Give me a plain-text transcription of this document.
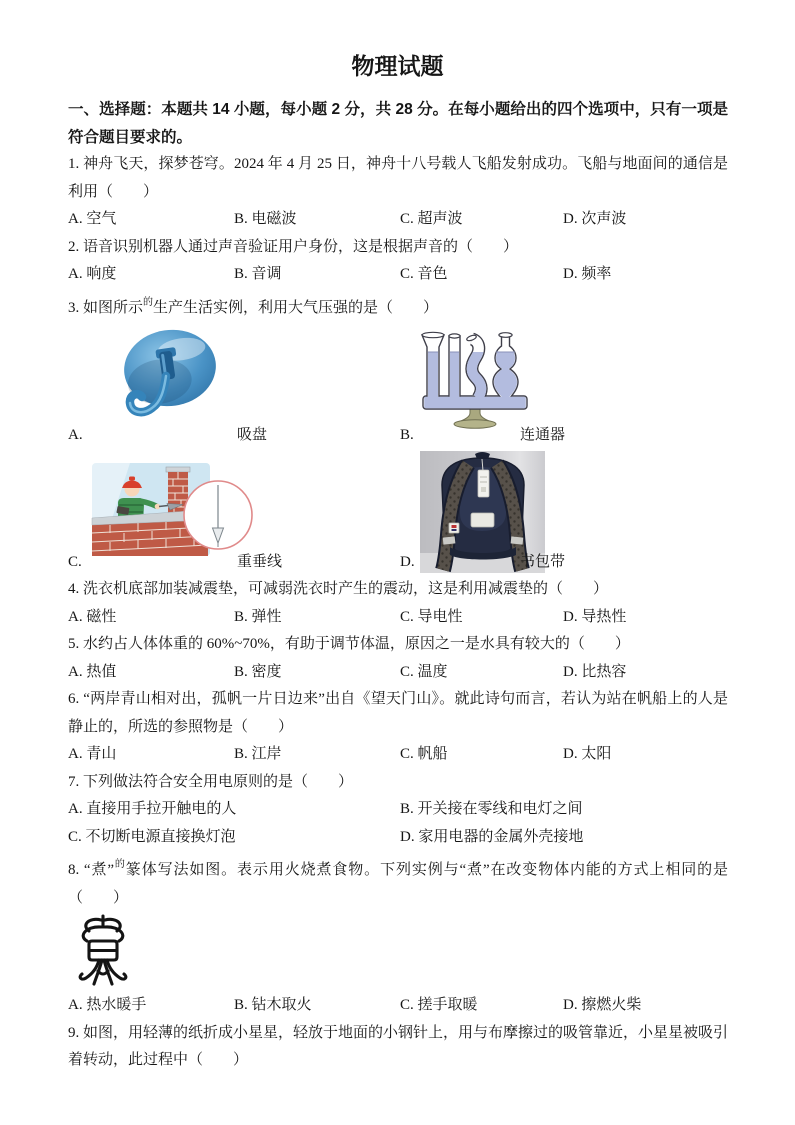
物理试题

一、选择题：本题共 14 小题，每小题 2 分，共 28 分。在每小题给出的四个选项中，只有一项是符合题目要求的。

1. 神舟飞天，探梦苍穹。2024 年 4 月 25 日，神舟十八号载人飞船发射成功。飞船与地面间的通信是利用（　　）

A. 空气	B. 电磁波	C. 超声波	D. 次声波

2. 语音识别机器人通过声音验证用户身份，这是根据声音的（　　）

A. 响度	B. 音调	C. 音色	D. 频率

3. 如图所示$^的$生产生活实例，利用大气压强的是（　　）

A.	吸盘	B.	连通器
C.	重垂线	D.	书包带

4. 洗衣机底部加装减震垫，可减弱洗衣时产生的震动，这是利用减震垫的（　　）

A. 磁性	B. 弹性	C. 导电性	D. 导热性

5. 水约占人体体重的 60%~70%，有助于调节体温，原因之一是水具有较大的（　　）

A. 热值	B. 密度	C. 温度	D. 比热容

6. “两岸青山相对出，孤帆一片日边来”出自《望天门山》。就此诗句而言，若认为站在帆船上的人是静止的，所选的参照物是（　　）

A. 青山	B. 江岸	C. 帆船	D. 太阳

7. 下列做法符合安全用电原则的是（　　）

A. 直接用手拉开触电的人	B. 开关接在零线和电灯之间
C. 不切断电源直接换灯泡	D. 家用电器的金属外壳接地

8. “煮”$^的$篆体写法如图。表示用火烧煮食物。下列实例与“煮”在改变物体内能的方式上相同的是（　　）

A. 热水暖手	B. 钻木取火	C. 搓手取暖	D. 擦燃火柴

9. 如图，用轻薄的纸折成小星星，轻放于地面的小钢针上，用与布摩擦过的吸管靠近，小星星被吸引着转动，此过程中（　　）
